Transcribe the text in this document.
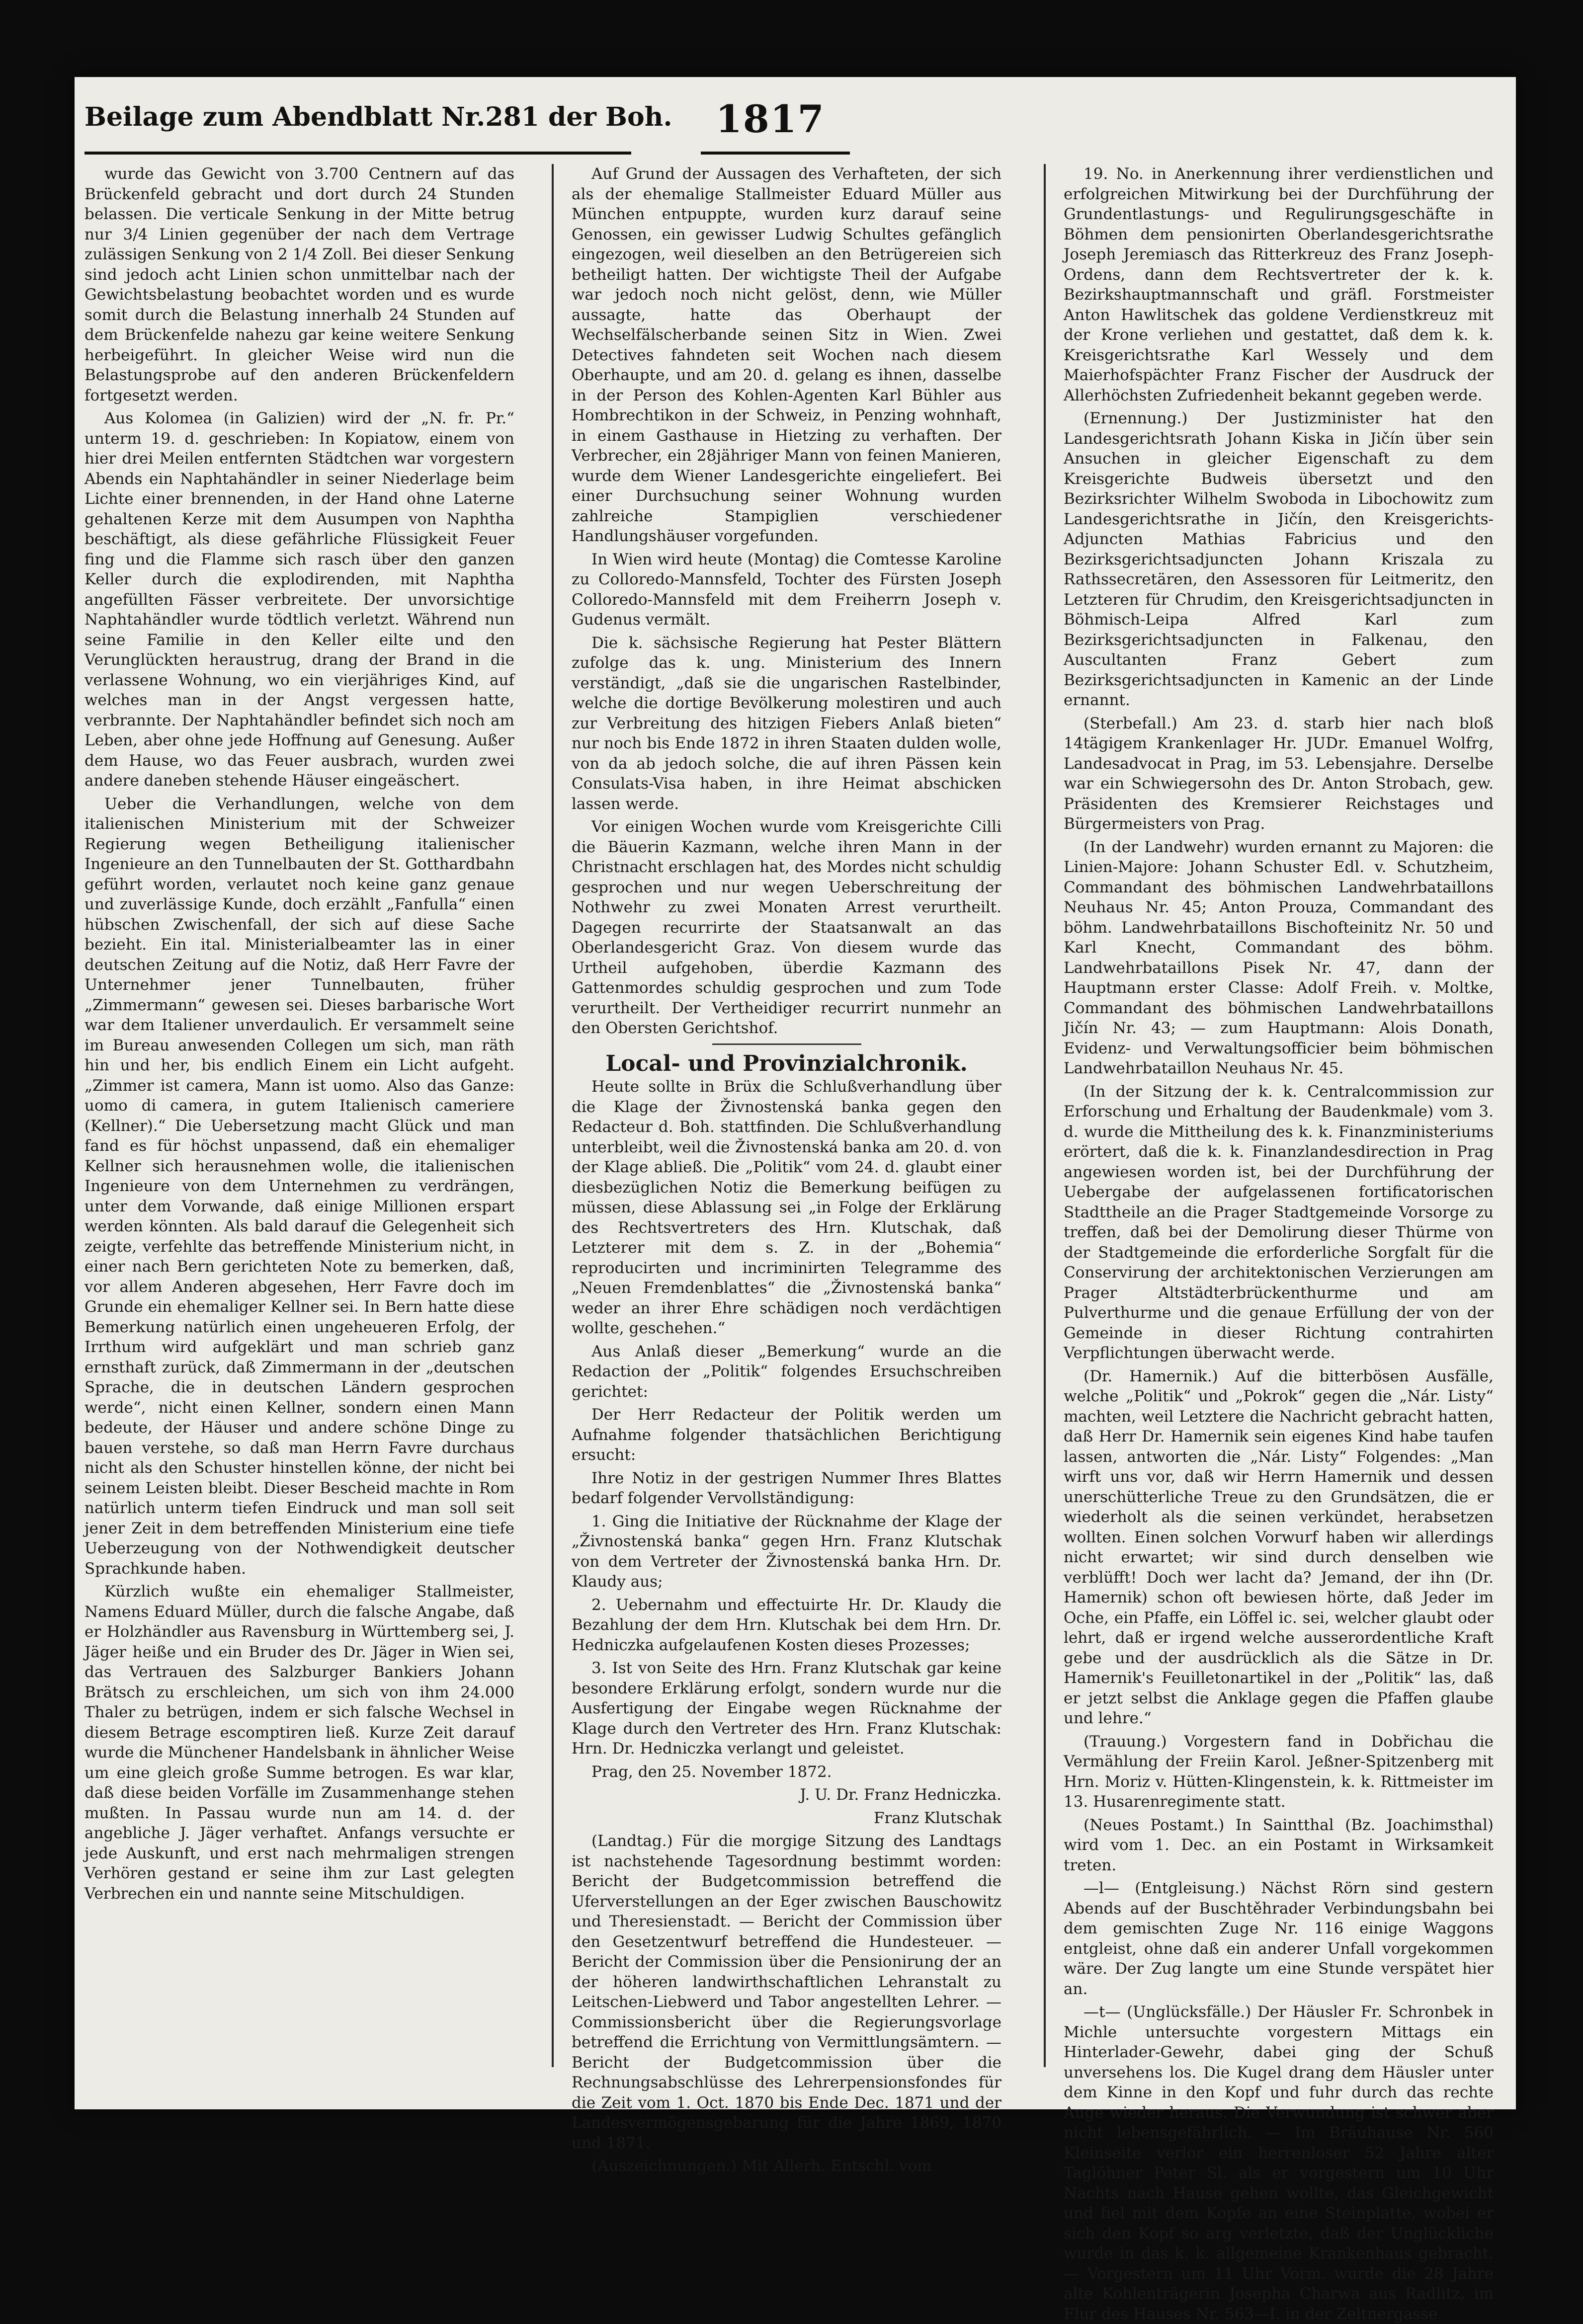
Beilage zum Abendblatt Nr.281 der Boh. 1817

wurde das Gewicht von 3.700 Centnern auf das Brückenfeld gebracht und dort durch 24 Stunden belassen. Die verticale Senkung in der Mitte betrug nur 3/4 Linien gegenüber der nach dem Vertrage zulässigen Senkung von 2 1/4 Zoll. Bei dieser Senkung sind jedoch acht Linien schon unmittelbar nach der Gewichtsbelastung beobachtet worden und es wurde somit durch die Belastung innerhalb 24 Stunden auf dem Brückenfelde nahezu gar keine weitere Senkung herbeigeführt. In gleicher Weise wird nun die Belastungsprobe auf den anderen Brückenfeldern fortgesetzt werden.

Aus Kolomea (in Galizien) wird der „N. fr. Pr.“ unterm 19. d. geschrieben: In Kopiatow, einem von hier drei Meilen entfernten Städtchen war vorgestern Abends ein Naphtahändler in seiner Niederlage beim Lichte einer brennenden, in der Hand ohne Laterne gehaltenen Kerze mit dem Ausumpen von Naphtha beschäftigt, als diese gefährliche Flüssigkeit Feuer fing und die Flamme sich rasch über den ganzen Keller durch die explodirenden, mit Naphtha angefüllten Fässer verbreitete. Der unvorsichtige Naphtahändler wurde tödtlich verletzt. Während nun seine Familie in den Keller eilte und den Verunglückten heraustrug, drang der Brand in die verlassene Wohnung, wo ein vierjähriges Kind, auf welches man in der Angst vergessen hatte, verbrannte. Der Naphtahändler befindet sich noch am Leben, aber ohne jede Hoffnung auf Genesung. Außer dem Hause, wo das Feuer ausbrach, wurden zwei andere daneben stehende Häuser eingeäschert.

Ueber die Verhandlungen, welche von dem italienischen Ministerium mit der Schweizer Regierung wegen Betheiligung italienischer Ingenieure an den Tunnelbauten der St. Gotthardbahn geführt worden, verlautet noch keine ganz genaue und zuverlässige Kunde, doch erzählt „Fanfulla“ einen hübschen Zwischenfall, der sich auf diese Sache bezieht. Ein ital. Ministerialbeamter las in einer deutschen Zeitung auf die Notiz, daß Herr Favre der Unternehmer jener Tunnelbauten, früher „Zimmermann“ gewesen sei. Dieses barbarische Wort war dem Italiener unverdaulich. Er versammelt seine im Bureau anwesenden Collegen um sich, man räth hin und her, bis endlich Einem ein Licht aufgeht. „Zimmer ist camera, Mann ist uomo. Also das Ganze: uomo di camera, in gutem Italienisch cameriere (Kellner).“ Die Uebersetzung macht Glück und man fand es für höchst unpassend, daß ein ehemaliger Kellner sich herausnehmen wolle, die italienischen Ingenieure von dem Unternehmen zu verdrängen, unter dem Vorwande, daß einige Millionen erspart werden könnten. Als bald darauf die Gelegenheit sich zeigte, verfehlte das betreffende Ministerium nicht, in einer nach Bern gerichteten Note zu bemerken, daß, vor allem Anderen abgesehen, Herr Favre doch im Grunde ein ehemaliger Kellner sei. In Bern hatte diese Bemerkung natürlich einen ungeheueren Erfolg, der Irrthum wird aufgeklärt und man schrieb ganz ernsthaft zurück, daß Zimmermann in der „deutschen Sprache, die in deutschen Ländern gesprochen werde“, nicht einen Kellner, sondern einen Mann bedeute, der Häuser und andere schöne Dinge zu bauen verstehe, so daß man Herrn Favre durchaus nicht als den Schuster hinstellen könne, der nicht bei seinem Leisten bleibt. Dieser Bescheid machte in Rom natürlich unterm tiefen Eindruck und man soll seit jener Zeit in dem betreffenden Ministerium eine tiefe Ueberzeugung von der Nothwendigkeit deutscher Sprachkunde haben.

Kürzlich wußte ein ehemaliger Stallmeister, Namens Eduard Müller, durch die falsche Angabe, daß er Holzhändler aus Ravensburg in Württemberg sei, J. Jäger heiße und ein Bruder des Dr. Jäger in Wien sei, das Vertrauen des Salzburger Bankiers Johann Brätsch zu erschleichen, um sich von ihm 24.000 Thaler zu betrügen, indem er sich falsche Wechsel in diesem Betrage escomptiren ließ. Kurze Zeit darauf wurde die Münchener Handelsbank in ähnlicher Weise um eine gleich große Summe betrogen. Es war klar, daß diese beiden Vorfälle im Zusammenhange stehen mußten. In Passau wurde nun am 14. d. der angebliche J. Jäger verhaftet. Anfangs versuchte er jede Auskunft, und erst nach mehrmaligen strengen Verhören gestand er seine ihm zur Last gelegten Verbrechen ein und nannte seine Mitschuldigen.

Auf Grund der Aussagen des Verhafteten, der sich als der ehemalige Stallmeister Eduard Müller aus München entpuppte, wurden kurz darauf seine Genossen, ein gewisser Ludwig Schultes gefänglich eingezogen, weil dieselben an den Betrügereien sich betheiligt hatten. Der wichtigste Theil der Aufgabe war jedoch noch nicht gelöst, denn, wie Müller aussagte, hatte das Oberhaupt der Wechselfälscherbande seinen Sitz in Wien. Zwei Detectives fahndeten seit Wochen nach diesem Oberhaupte, und am 20. d. gelang es ihnen, dasselbe in der Person des Kohlen-Agenten Karl Bühler aus Hombrechtikon in der Schweiz, in Penzing wohnhaft, in einem Gasthause in Hietzing zu verhaften. Der Verbrecher, ein 28jähriger Mann von feinen Manieren, wurde dem Wiener Landesgerichte eingeliefert. Bei einer Durchsuchung seiner Wohnung wurden zahlreiche Stampiglien verschiedener Handlungshäuser vorgefunden.

In Wien wird heute (Montag) die Comtesse Karoline zu Colloredo-Mannsfeld, Tochter des Fürsten Joseph Colloredo-Mannsfeld mit dem Freiherrn Joseph v. Gudenus vermält.

Die k. sächsische Regierung hat Pester Blättern zufolge das k. ung. Ministerium des Innern verständigt, „daß sie die ungarischen Rastelbinder, welche die dortige Bevölkerung molestiren und auch zur Verbreitung des hitzigen Fiebers Anlaß bieten“ nur noch bis Ende 1872 in ihren Staaten dulden wolle, von da ab jedoch solche, die auf ihren Pässen kein Consulats-Visa haben, in ihre Heimat abschicken lassen werde.

Vor einigen Wochen wurde vom Kreisgerichte Cilli die Bäuerin Kazmann, welche ihren Mann in der Christnacht erschlagen hat, des Mordes nicht schuldig gesprochen und nur wegen Ueberschreitung der Nothwehr zu zwei Monaten Arrest verurtheilt. Dagegen recurrirte der Staatsanwalt an das Oberlandesgericht Graz. Von diesem wurde das Urtheil aufgehoben, überdie Kazmann des Gattenmordes schuldig gesprochen und zum Tode verurtheilt. Der Vertheidiger recurrirt nunmehr an den Obersten Gerichtshof.

Local- und Provinzialchronik.

Heute sollte in Brüx die Schlußverhandlung über die Klage der Živnostenská banka gegen den Redacteur d. Boh. stattfinden. Die Schlußverhandlung unterbleibt, weil die Živnostenská banka am 20. d. von der Klage abließ. Die „Politik“ vom 24. d. glaubt einer diesbezüglichen Notiz die Bemerkung beifügen zu müssen, diese Ablassung sei „in Folge der Erklärung des Rechtsvertreters des Hrn. Klutschak, daß Letzterer mit dem s. Z. in der „Bohemia“ reproducirten und incriminirten Telegramme des „Neuen Fremdenblattes“ die „Živnostenská banka“ weder an ihrer Ehre schädigen noch verdächtigen wollte, geschehen.“

Aus Anlaß dieser „Bemerkung“ wurde an die Redaction der „Politik“ folgendes Ersuchschreiben gerichtet:

Der Herr Redacteur der Politik werden um Aufnahme folgender thatsächlichen Berichtigung ersucht:

Ihre Notiz in der gestrigen Nummer Ihres Blattes bedarf folgender Vervollständigung:

1. Ging die Initiative der Rücknahme der Klage der „Živnostenská banka“ gegen Hrn. Franz Klutschak von dem Vertreter der Živnostenská banka Hrn. Dr. Klaudy aus;

2. Uebernahm und effectuirte Hr. Dr. Klaudy die Bezahlung der dem Hrn. Klutschak bei dem Hrn. Dr. Hedniczka aufgelaufenen Kosten dieses Prozesses;

3. Ist von Seite des Hrn. Franz Klutschak gar keine besondere Erklärung erfolgt, sondern wurde nur die Ausfertigung der Eingabe wegen Rücknahme der Klage durch den Vertreter des Hrn. Franz Klutschak: Hrn. Dr. Hedniczka verlangt und geleistet.

Prag, den 25. November 1872.

J. U. Dr. Franz Hedniczka.

Franz Klutschak

(Landtag.) Für die morgige Sitzung des Landtags ist nachstehende Tagesordnung bestimmt worden: Bericht der Budgetcommission betreffend die Uferverstellungen an der Eger zwischen Bauschowitz und Theresienstadt. — Bericht der Commission über den Gesetzentwurf betreffend die Hundesteuer. — Bericht der Commission über die Pensionirung der an der höheren landwirthschaftlichen Lehranstalt zu Leitschen-Liebwerd und Tabor angestellten Lehrer. — Commissionsbericht über die Regierungsvorlage betreffend die Errichtung von Vermittlungsämtern. — Bericht der Budgetcommission über die Rechnungsabschlüsse des Lehrerpensionsfondes für die Zeit vom 1. Oct. 1870 bis Ende Dec. 1871 und der Landesvermögensgebarung für die Jahre 1869, 1870 und 1871.

(Auszeichnungen.) Mit Allerh. Entschl. vom

19. No. in Anerkennung ihrer verdienstlichen und erfolgreichen Mitwirkung bei der Durchführung der Grundentlastungs- und Regulirungsgeschäfte in Böhmen dem pensionirten Oberlandesgerichtsrathe Joseph Jeremiasch das Ritterkreuz des Franz Joseph-Ordens, dann dem Rechtsvertreter der k. k. Bezirkshauptmannschaft und gräfl. Forstmeister Anton Hawlitschek das goldene Verdienstkreuz mit der Krone verliehen und gestattet, daß dem k. k. Kreisgerichtsrathe Karl Wessely und dem Maierhofspächter Franz Fischer der Ausdruck der Allerhöchsten Zufriedenheit bekannt gegeben werde.

(Ernennung.) Der Justizminister hat den Landesgerichtsrath Johann Kiska in Jičín über sein Ansuchen in gleicher Eigenschaft zu dem Kreisgerichte Budweis übersetzt und den Bezirksrichter Wilhelm Swoboda in Libochowitz zum Landesgerichtsrathe in Jičín, den Kreisgerichts-Adjuncten Mathias Fabricius und den Bezirksgerichtsadjuncten Johann Kriszala zu Rathssecretären, den Assessoren für Leitmeritz, den Letzteren für Chrudim, den Kreisgerichtsadjuncten in Böhmisch-Leipa Alfred Karl zum Bezirksgerichtsadjuncten in Falkenau, den Auscultanten Franz Gebert zum Bezirksgerichtsadjuncten in Kamenic an der Linde ernannt.

(Sterbefall.) Am 23. d. starb hier nach bloß 14tägigem Krankenlager Hr. JUDr. Emanuel Wolfrg, Landesadvocat in Prag, im 53. Lebensjahre. Derselbe war ein Schwiegersohn des Dr. Anton Strobach, gew. Präsidenten des Kremsierer Reichstages und Bürgermeisters von Prag.

(In der Landwehr) wurden ernannt zu Majoren: die Linien-Majore: Johann Schuster Edl. v. Schutzheim, Commandant des böhmischen Landwehrbataillons Neuhaus Nr. 45; Anton Prouza, Commandant des böhm. Landwehrbataillons Bischofteinitz Nr. 50 und Karl Knecht, Commandant des böhm. Landwehrbataillons Pisek Nr. 47, dann der Hauptmann erster Classe: Adolf Freih. v. Moltke, Commandant des böhmischen Landwehrbataillons Jičín Nr. 43; — zum Hauptmann: Alois Donath, Evidenz- und Verwaltungsofficier beim böhmischen Landwehrbataillon Neuhaus Nr. 45.

(In der Sitzung der k. k. Centralcommission zur Erforschung und Erhaltung der Baudenkmale) vom 3. d. wurde die Mittheilung des k. k. Finanzministeriums erörtert, daß die k. k. Finanzlandesdirection in Prag angewiesen worden ist, bei der Durchführung der Uebergabe der aufgelassenen fortificatorischen Stadttheile an die Prager Stadtgemeinde Vorsorge zu treffen, daß bei der Demolirung dieser Thürme von der Stadtgemeinde die erforderliche Sorgfalt für die Conservirung der architektonischen Verzierungen am Prager Altstädterbrückenthurme und am Pulverthurme und die genaue Erfüllung der von der Gemeinde in dieser Richtung contrahirten Verpflichtungen überwacht werde.

(Dr. Hamernik.) Auf die bitterbösen Ausfälle, welche „Politik“ und „Pokrok“ gegen die „Nár. Listy“ machten, weil Letztere die Nachricht gebracht hatten, daß Herr Dr. Hamernik sein eigenes Kind habe taufen lassen, antworten die „Nár. Listy“ Folgendes: „Man wirft uns vor, daß wir Herrn Hamernik und dessen unerschütterliche Treue zu den Grundsätzen, die er wiederholt als die seinen verkündet, herabsetzen wollten. Einen solchen Vorwurf haben wir allerdings nicht erwartet; wir sind durch denselben wie verblüfft! Doch wer lacht da? Jemand, der ihn (Dr. Hamernik) schon oft bewiesen hörte, daß Jeder im Oche, ein Pfaffe, ein Löffel ic. sei, welcher glaubt oder lehrt, daß er irgend welche ausserordentliche Kraft gebe und der ausdrücklich als die Sätze in Dr. Hamernik's Feuilletonartikel in der „Politik“ las, daß er jetzt selbst die Anklage gegen die Pfaffen glaube und lehre.“

(Trauung.) Vorgestern fand in Dobřichau die Vermählung der Freiin Karol. Jeßner-Spitzenberg mit Hrn. Moriz v. Hütten-Klingenstein, k. k. Rittmeister im 13. Husarenregimente statt.

(Neues Postamt.) In Saintthal (Bz. Joachimsthal) wird vom 1. Dec. an ein Postamt in Wirksamkeit treten.

—l— (Entgleisung.) Nächst Rörn sind gestern Abends auf der Buschtěhrader Verbindungsbahn bei dem gemischten Zuge Nr. 116 einige Waggons entgleist, ohne daß ein anderer Unfall vorgekommen wäre. Der Zug langte um eine Stunde verspätet hier an.

—t— (Unglücksfälle.) Der Häusler Fr. Schronbek in Michle untersuchte vorgestern Mittags ein Hinterlader-Gewehr, dabei ging der Schuß unversehens los. Die Kugel drang dem Häusler unter dem Kinne in den Kopf und fuhr durch das rechte Auge wieder heraus. Die Verwundung ist schwer aber nicht lebensgefährlich. — Im Bräuhause Nr. 560 Kleinseite verlor ein herrenloser 52 Jahre alter Taglöhner Peter Sl. als er vorgestern um 10 Uhr Nachts nach Hause gehen wollte, das Gleichgewicht und fiel mit dem Kopfe an eine Steinplatte, wobei er sich den Kopf so arg verletzte, daß der Unglückliche wurde in das k. k. allgemeine Krankenhaus gebracht. — Vorgestern um 11 Uhr Vorm. wurde die 28 Jahre alte Kohlenträgerin Josepha Charwa aus Radlitz, im Flur des Hauses Nr. 563—I. in der Zeltnergasse
